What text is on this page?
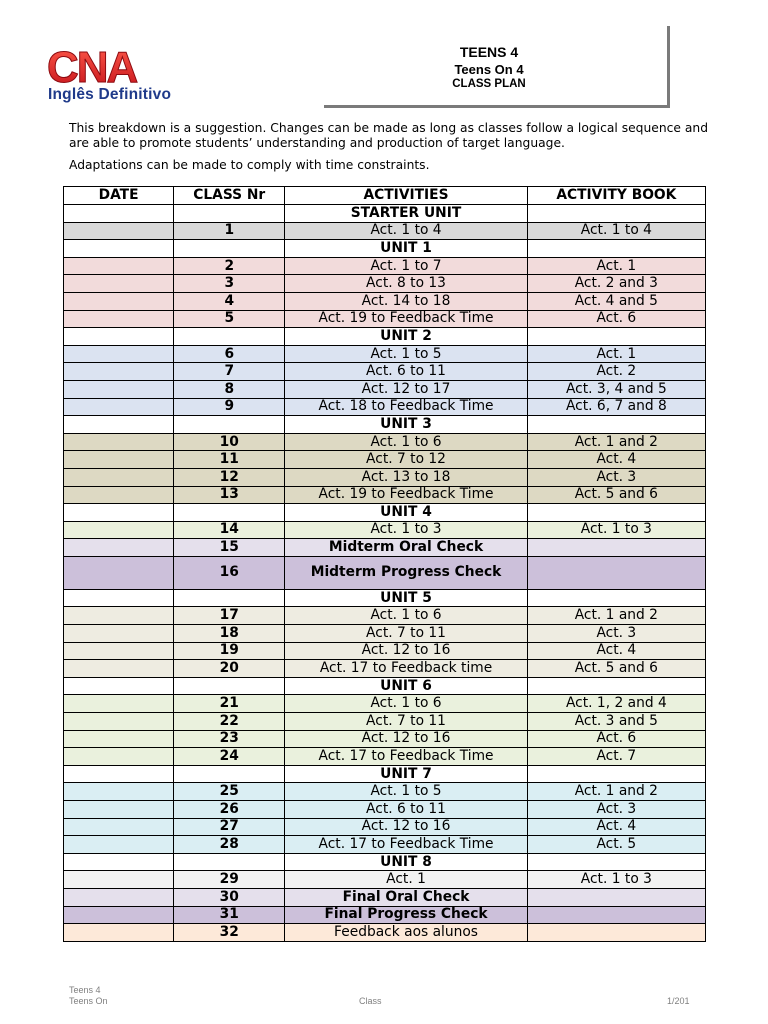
CNA
Inglês Definitivo
TEENS 4
Teens On 4
CLASS PLAN

This breakdown is a suggestion. Changes can be made as long as classes follow a logical sequence and are able to promote students’ understanding and production of target language.

Adaptations can be made to comply with time constraints.

DATE	CLASS Nr	ACTIVITIES	ACTIVITY BOOK
		STARTER UNIT	
	1	Act. 1 to 4	Act. 1 to 4
		UNIT 1	
	2	Act. 1 to 7	Act. 1
	3	Act. 8 to 13	Act. 2 and 3
	4	Act. 14 to 18	Act. 4 and 5
	5	Act. 19 to Feedback Time	Act. 6
		UNIT 2	
	6	Act. 1 to 5	Act. 1
	7	Act. 6 to 11	Act. 2
	8	Act. 12 to 17	Act. 3, 4 and 5
	9	Act. 18 to Feedback Time	Act. 6, 7 and 8
		UNIT 3	
	10	Act. 1 to 6	Act. 1 and 2
	11	Act. 7 to 12	Act. 4
	12	Act. 13 to 18	Act. 3
	13	Act. 19 to Feedback Time	Act. 5 and 6
		UNIT 4	
	14	Act. 1 to 3	Act. 1 to 3
	15	Midterm Oral Check	
	16	Midterm Progress Check	
		UNIT 5	
	17	Act. 1 to 6	Act. 1 and 2
	18	Act. 7 to 11	Act. 3
	19	Act. 12 to 16	Act. 4
	20	Act. 17 to Feedback time	Act. 5 and 6
		UNIT 6	
	21	Act. 1 to 6	Act. 1, 2 and 4
	22	Act. 7 to 11	Act. 3 and 5
	23	Act. 12 to 16	Act. 6
	24	Act. 17 to Feedback Time	Act. 7
		UNIT 7	
	25	Act. 1 to 5	Act. 1 and 2
	26	Act. 6 to 11	Act. 3
	27	Act. 12 to 16	Act. 4
	28	Act. 17 to Feedback Time	Act. 5
		UNIT 8	
	29	Act. 1	Act. 1 to 3
	30	Final Oral Check	
	31	Final Progress Check	
	32	Feedback aos alunos	
Teens 4
Teens On	Class	1/201
